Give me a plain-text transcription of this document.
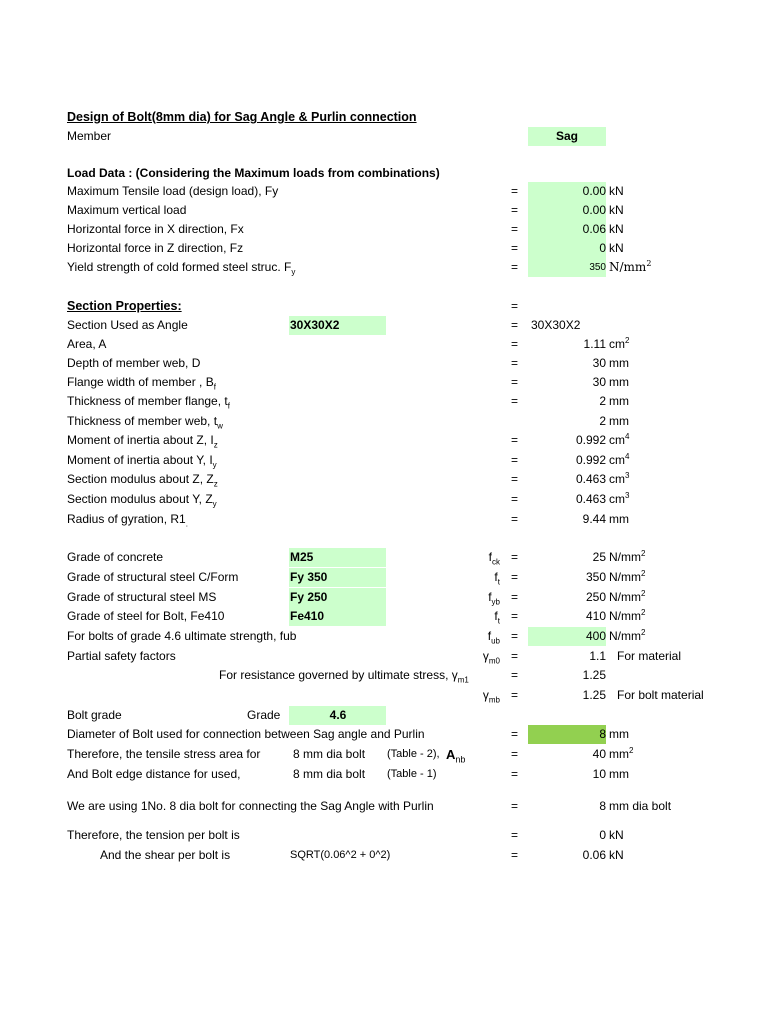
Design of Bolt(8mm dia) for Sag Angle & Purlin connection
Member	Sag
Load Data : (Considering the Maximum loads from combinations)
Maximum Tensile load (design load), Fy	=	0.00 kN
Maximum vertical load	=	0.00 kN
Horizontal force in X direction, Fx	=	0.06 kN
Horizontal force in Z direction, Fz	=	0 kN
Yield strength of cold formed steel struc. $F_y$	=	350 $N/mm^2$
Section Properties:	=
Section Used as Angle	30X30X2	= 30X30X2
Area, A	=	1.11 $cm^2$
Depth of member web, D	=	30 mm
Flange width of member , $B_f$	=	30 mm
Thickness of member flange, $t_f$	=	2 mm
Thickness of member web, $t_w$	2 mm
Moment of inertia about Z, $I_z$	=	0.992 $cm^4$
Moment of inertia about Y, $I_y$	=	0.992 $cm^4$
Section modulus about Z, $Z_z$	=	0.463 $cm^3$
Section modulus about Y, $Z_y$	=	0.463 $cm^3$
Radius of gyration, $R1_.$	=	9.44 mm
Grade of concrete	M25	$f_{ck}$ =	25 $N/mm^2$
Grade of structural steel C/Form	Fy 350	$f_t$ =	350 $N/mm^2$
Grade of structural steel MS	Fy 250	$f_{yb}$ =	250 $N/mm^2$
Grade of steel for Bolt, Fe410	Fe410	$f_t$ =	410 $N/mm^2$
For bolts of grade 4.6 ultimate strength, fub	$f_{ub}$ =	400 $N/mm^2$
Partial safety factors	$\gamma_{m0}$ =	1.1 For material
For resistance governed by ultimate stress, $\gamma_{m1}$	=	1.25
$\gamma_{mb}$ =	1.25 For bolt material
Bolt grade	Grade	4.6
Diameter of Bolt used for connection between Sag angle and Purlin	=	8 mm
Therefore, the tensile stress area for	8 mm dia bolt (Table - 2), $A_{nb}$	=	40 $mm^2$
And Bolt edge distance for used,	8 mm dia bolt (Table - 1)	=	10 mm
We are using 1No. 8 dia bolt for connecting the Sag Angle with Purlin	=	8 mm dia bolt
Therefore, the tension per bolt is	=	0 kN
And the shear per bolt is	SQRT(0.06^2 + 0^2)	=	0.06 kN
